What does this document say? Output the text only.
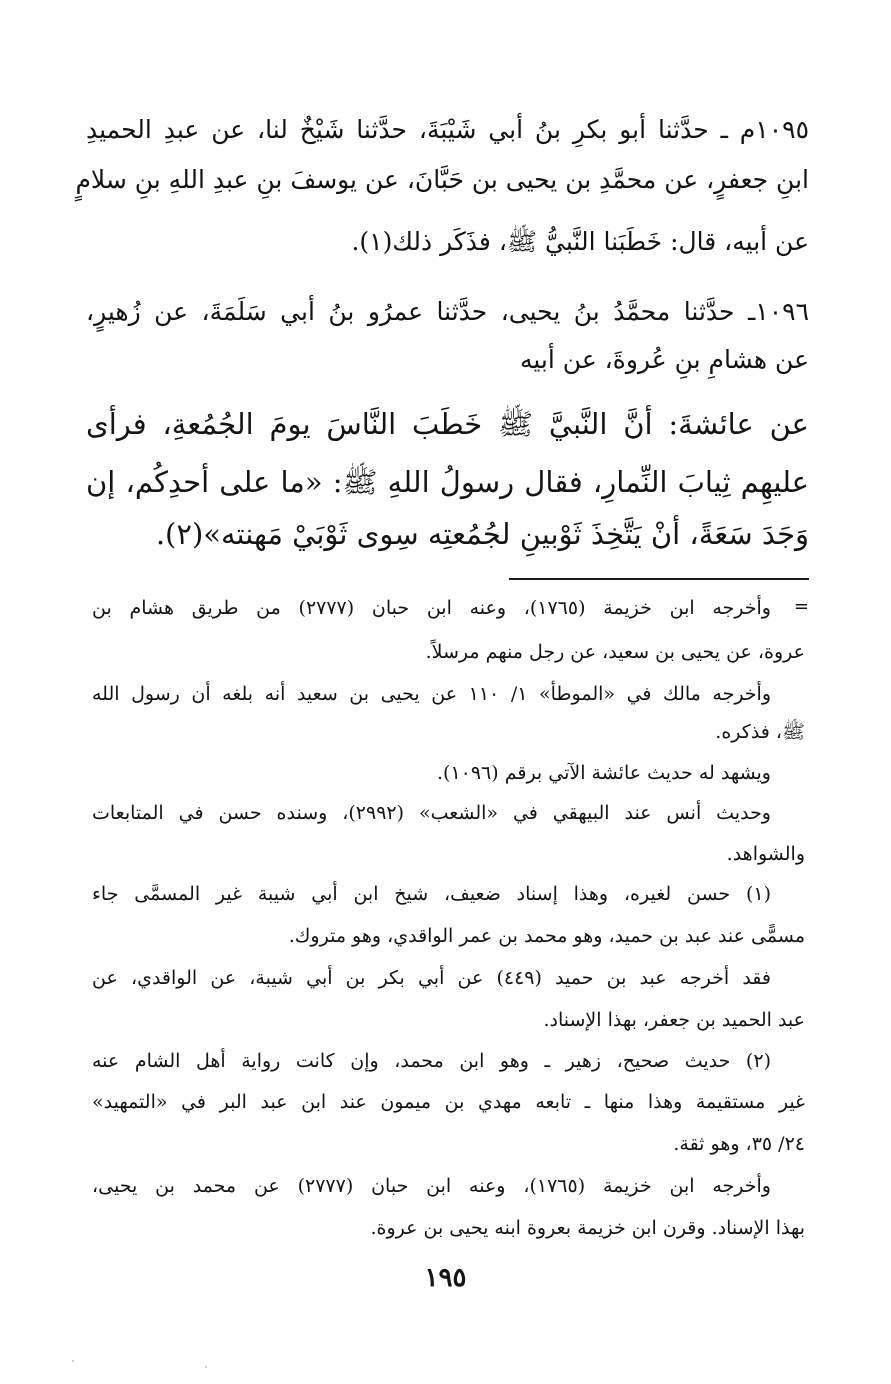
١٠٩٥م ـ حدَّثنا أبو بكرِ بنُ أبي شَيْبَةَ، حدَّثنا شَيْخٌ لنا، عن عبدِ الحميدِ
ابنِ جعفرٍ، عن محمَّدِ بن يحيى بن حَبَّانَ، عن يوسفَ بنِ عبدِ اللهِ بنِ سلامٍ
عن أبيه، قال: خَطَبَنا النَّبيُّ ﷺ، فذَكَر ذلك(١).
١٠٩٦ـ حدَّثنا محمَّدُ بنُ يحيى، حدَّثنا عمرُو بنُ أبي سَلَمَةَ، عن زُهيرٍ،
عن هشامِ بنِ عُروةَ، عن أبيه
عن عائشةَ: أنَّ النَّبيَّ ﷺ خَطَبَ النَّاسَ يومَ الجُمُعةِ، فرأى
عليهِم ثِيابَ النِّمارِ، فقال رسولُ اللهِ ﷺ: «ما على أحدِكُم، إن
وَجَدَ سَعَةً، أنْ يَتَّخِذَ ثَوْبينِ لجُمُعتِه سِوى ثَوْبَيْ مَهنته»(٢).
=
وأخرجه ابن خزيمة (١٧٦٥)، وعنه ابن حبان (٢٧٧٧) من طريق هشام بن
عروة، عن يحيى بن سعيد، عن رجل منهم مرسلاً.
وأخرجه مالك في «الموطأ» ١/ ١١٠ عن يحيى بن سعيد أنه بلغه أن رسول الله
ﷺ، فذكره.
ويشهد له حديث عائشة الآتي برقم (١٠٩٦).
وحديث أنس عند البيهقي في «الشعب» (٢٩٩٢)، وسنده حسن في المتابعات
والشواهد.
(١) حسن لغيره، وهذا إسناد ضعيف، شيخ ابن أبي شيبة غير المسمَّى جاء
مسمًّى عند عبد بن حميد، وهو محمد بن عمر الواقدي، وهو متروك.
فقد أخرجه عبد بن حميد (٤٤٩) عن أبي بكر بن أبي شيبة، عن الواقدي، عن
عبد الحميد بن جعفر، بهذا الإسناد.
(٢) حديث صحيح، زهير ـ وهو ابن محمد، وإن كانت رواية أهل الشام عنه
غير مستقيمة وهذا منها ـ تابعه مهدي بن ميمون عند ابن عبد البر في «التمهيد»
٢٤/ ٣٥، وهو ثقة.
وأخرجه ابن خزيمة (١٧٦٥)، وعنه ابن حبان (٢٧٧٧) عن محمد بن يحيى،
بهذا الإسناد. وقرن ابن خزيمة بعروة ابنه يحيى بن عروة.
١٩٥
